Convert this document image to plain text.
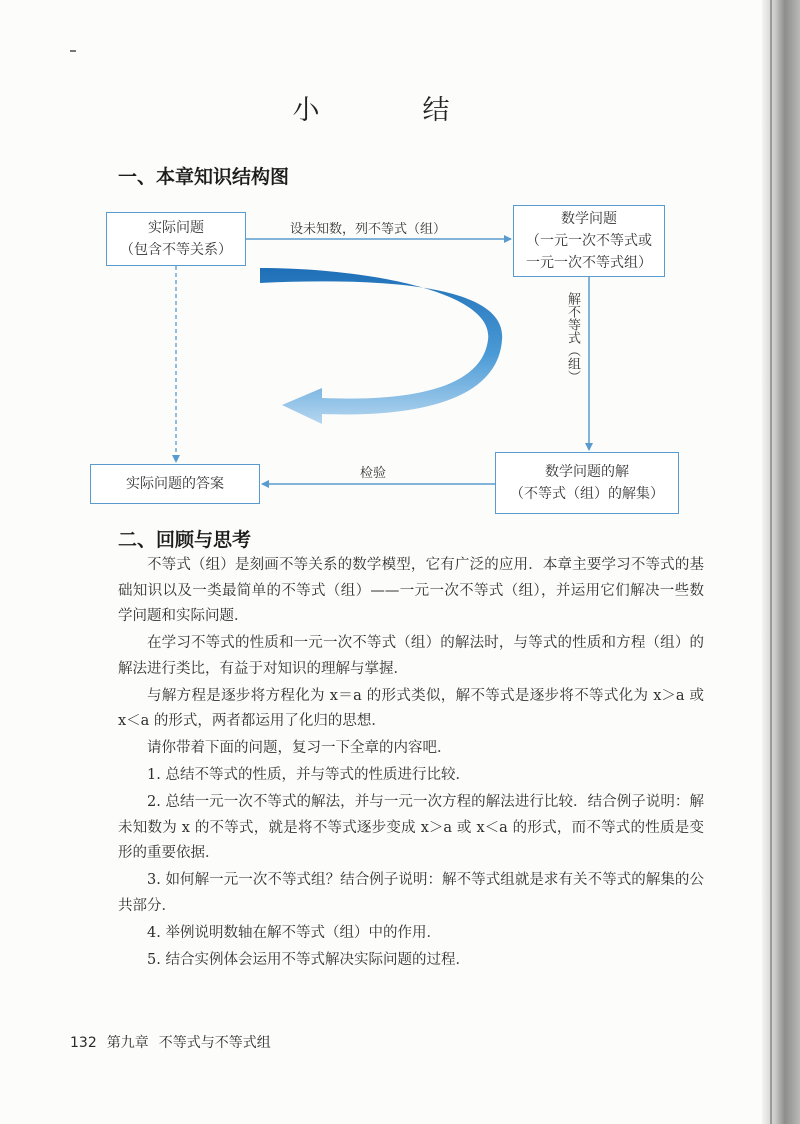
小　结
一、本章知识结构图
实际问题
（包含不等关系）
数学问题
（一元一次不等式或
一元一次不等式组）
实际问题的答案
数学问题的解
（不等式（组）的解集）
设未知数，列不等式（组）
解不等式（组）
检验
二、回顾与思考

不等式（组）是刻画不等关系的数学模型，它有广泛的应用．本章主要学习不等式的基础知识以及一类最简单的不等式（组）——一元一次不等式（组），并运用它们解决一些数学问题和实际问题．

在学习不等式的性质和一元一次不等式（组）的解法时，与等式的性质和方程（组）的解法进行类比，有益于对知识的理解与掌握．

与解方程是逐步将方程化为 x＝a 的形式类似，解不等式是逐步将不等式化为 x＞a 或 x＜a 的形式，两者都运用了化归的思想．

请你带着下面的问题，复习一下全章的内容吧．

1. 总结不等式的性质，并与等式的性质进行比较．

2. 总结一元一次不等式的解法，并与一元一次方程的解法进行比较．结合例子说明：解未知数为 x 的不等式，就是将不等式逐步变成 x＞a 或 x＜a 的形式，而不等式的性质是变形的重要依据．

3. 如何解一元一次不等式组？结合例子说明：解不等式组就是求有关不等式的解集的公共部分．

4. 举例说明数轴在解不等式（组）中的作用．

5. 结合实例体会运用不等式解决实际问题的过程．

132 第九章 不等式与不等式组
